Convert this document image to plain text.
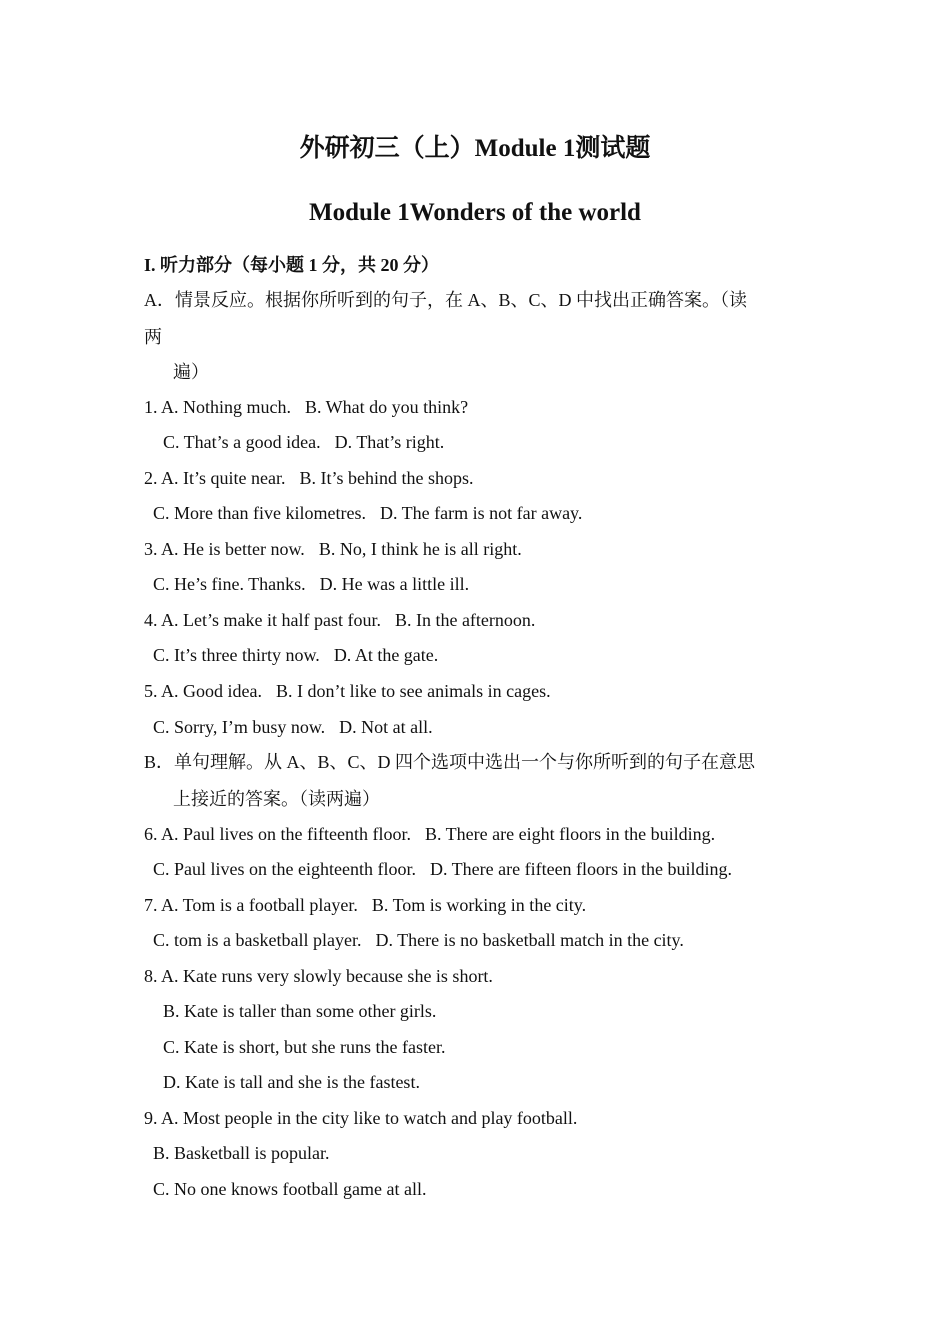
外研初三（上）Module 1测试题
Module 1Wonders of the world
I. 听力部分（每小题 1 分，共 20 分）
A．情景反应。根据你所听到的句子，在 A、B、C、D 中找出正确答案。（读
两
遍）
1. A. Nothing much. B. What do you think?
C. That’s a good idea. D. That’s right.
2. A. It’s quite near. B. It’s behind the shops.
C. More than five kilometres. D. The farm is not far away.
3. A. He is better now. B. No, I think he is all right.
C. He’s fine. Thanks. D. He was a little ill.
4. A. Let’s make it half past four. B. In the afternoon.
C. It’s three thirty now. D. At the gate.
5. A. Good idea. B. I don’t like to see animals in cages.
C. Sorry, I’m busy now. D. Not at all.
B．单句理解。从 A、B、C、D 四个选项中选出一个与你所听到的句子在意思
上接近的答案。（读两遍）
6. A. Paul lives on the fifteenth floor. B. There are eight floors in the building.
C. Paul lives on the eighteenth floor. D. There are fifteen floors in the building.
7. A. Tom is a football player. B. Tom is working in the city.
C. tom is a basketball player. D. There is no basketball match in the city.
8. A. Kate runs very slowly because she is short.
B. Kate is taller than some other girls.
C. Kate is short, but she runs the faster.
D. Kate is tall and she is the fastest.
9. A. Most people in the city like to watch and play football.
B. Basketball is popular.
C. No one knows football game at all.
